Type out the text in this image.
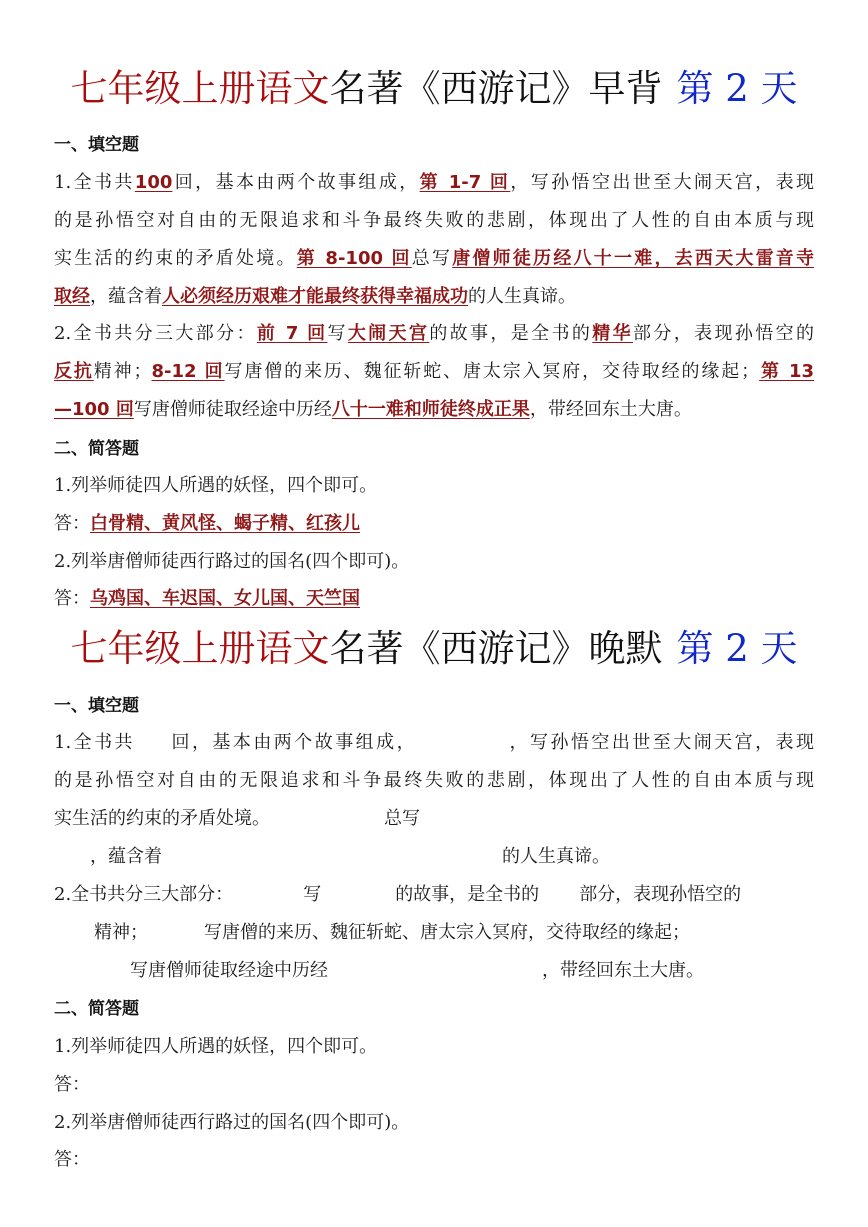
七年级上册语文名著《西游记》早背 第 2 天
一、填空题
1.全书共100回，基本由两个故事组成，第 1-7 回，写孙悟空出世至大闹天宫，表现
的是孙悟空对自由的无限追求和斗争最终失败的悲剧，体现出了人性的自由本质与现
实生活的约束的矛盾处境。第 8-100 回总写唐僧师徒历经八十一难，去西天大雷音寺
取经，蕴含着人必须经历艰难才能最终获得幸福成功的人生真谛。
2.全书共分三大部分：前 7 回写大闹天宫的故事，是全书的精华部分，表现孙悟空的
反抗精神；8-12 回写唐僧的来历、魏征斩蛇、唐太宗入冥府，交待取经的缘起；第 13
—100 回写唐僧师徒取经途中历经八十一难和师徒终成正果，带经回东土大唐。
二、简答题
1.列举师徒四人所遇的妖怪，四个即可。
答：白骨精、黄风怪、蝎子精、红孩儿
2.列举唐僧师徒西行路过的国名(四个即可)。
答：乌鸡国、车迟国、女儿国、天竺国
七年级上册语文名著《西游记》晚默 第 2 天
一、填空题
1.全书共 回，基本由两个故事组成，	，写孙悟空出世至大闹天宫，表现
的是孙悟空对自由的无限追求和斗争最终失败的悲剧，体现出了人性的自由本质与现
实生活的约束的矛盾处境。	总写
，蕴含着	的人生真谛。
2.全书共分三大部分：	写	的故事，是全书的 部分，表现孙悟空的
精神；	写唐僧的来历、魏征斩蛇、唐太宗入冥府，交待取经的缘起；
写唐僧师徒取经途中历经	，带经回东土大唐。
二、简答题
1.列举师徒四人所遇的妖怪，四个即可。
答：
2.列举唐僧师徒西行路过的国名(四个即可)。
答：
